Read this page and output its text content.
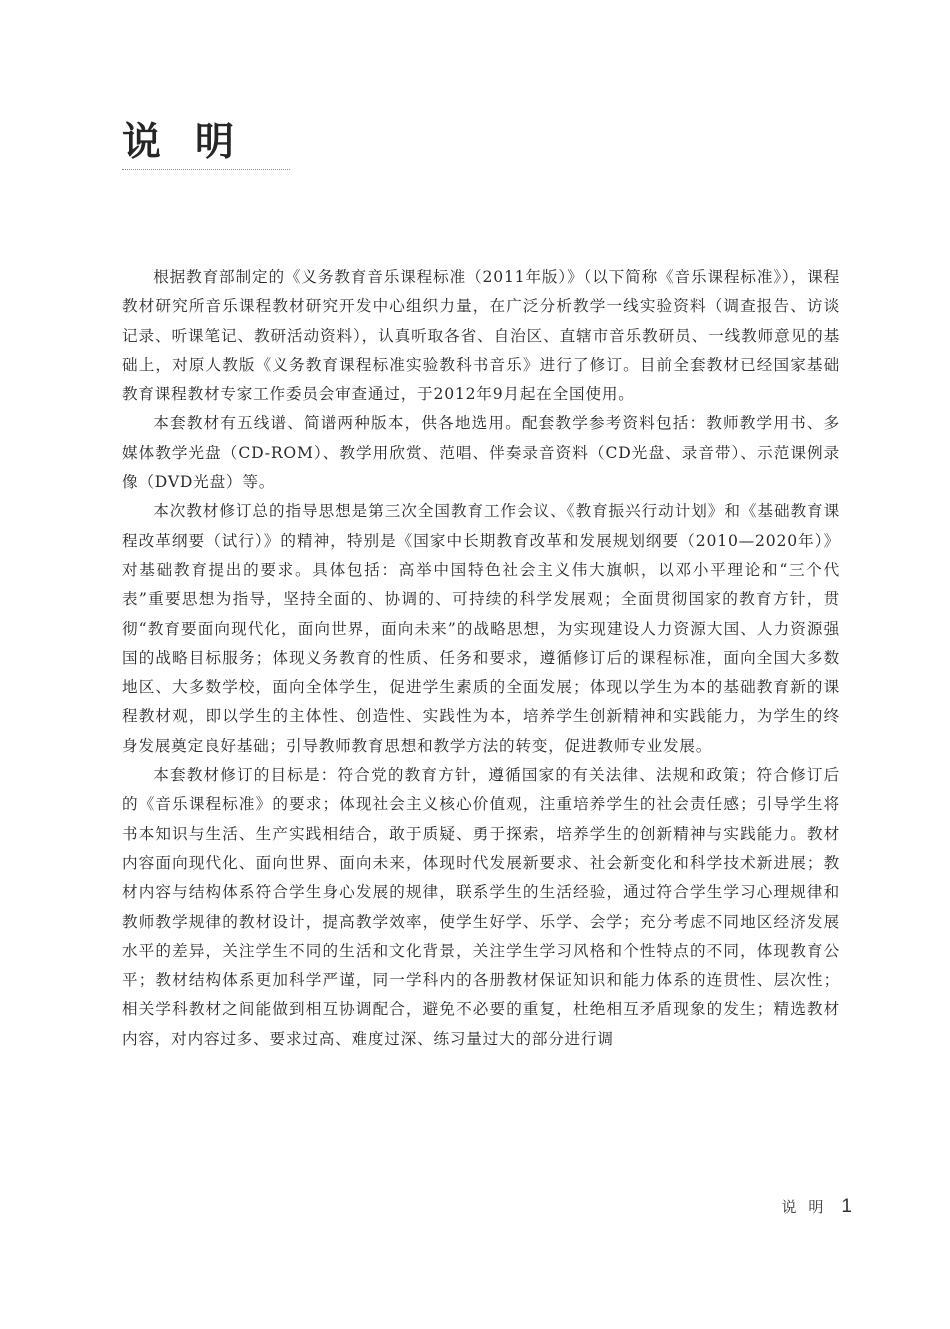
说明

根据教育部制定的《义务教育音乐课程标准（2011年版）》（以下简称《音乐课程标准》），课程教材研究所音乐课程教材研究开发中心组织力量，在广泛分析教学一线实验资料（调查报告、访谈记录、听课笔记、教研活动资料），认真听取各省、自治区、直辖市音乐教研员、一线教师意见的基础上，对原人教版《义务教育课程标准实验教科书音乐》进行了修订。目前全套教材已经国家基础教育课程教材专家工作委员会审查通过，于2012年9月起在全国使用。

本套教材有五线谱、简谱两种版本，供各地选用。配套教学参考资料包括：教师教学用书、多媒体教学光盘（CD-ROM）、教学用欣赏、范唱、伴奏录音资料（CD光盘、录音带）、示范课例录像（DVD光盘）等。

本次教材修订总的指导思想是第三次全国教育工作会议、《教育振兴行动计划》和《基础教育课程改革纲要（试行）》的精神，特别是《国家中长期教育改革和发展规划纲要（2010—2020年）》对基础教育提出的要求。具体包括：高举中国特色社会主义伟大旗帜，以邓小平理论和“三个代表”重要思想为指导，坚持全面的、协调的、可持续的科学发展观；全面贯彻国家的教育方针，贯彻“教育要面向现代化，面向世界，面向未来”的战略思想，为实现建设人力资源大国、人力资源强国的战略目标服务；体现义务教育的性质、任务和要求，遵循修订后的课程标准，面向全国大多数地区、大多数学校，面向全体学生，促进学生素质的全面发展；体现以学生为本的基础教育新的课程教材观，即以学生的主体性、创造性、实践性为本，培养学生创新精神和实践能力，为学生的终身发展奠定良好基础；引导教师教育思想和教学方法的转变，促进教师专业发展。

本套教材修订的目标是：符合党的教育方针，遵循国家的有关法律、法规和政策；符合修订后的《音乐课程标准》的要求；体现社会主义核心价值观，注重培养学生的社会责任感；引导学生将书本知识与生活、生产实践相结合，敢于质疑、勇于探索，培养学生的创新精神与实践能力。教材内容面向现代化、面向世界、面向未来，体现时代发展新要求、社会新变化和科学技术新进展；教材内容与结构体系符合学生身心发展的规律，联系学生的生活经验，通过符合学生学习心理规律和教师教学规律的教材设计，提高教学效率，使学生好学、乐学、会学；充分考虑不同地区经济发展水平的差异，关注学生不同的生活和文化背景，关注学生学习风格和个性特点的不同，体现教育公平；教材结构体系更加科学严谨，同一学科内的各册教材保证知识和能力体系的连贯性、层次性；相关学科教材之间能做到相互协调配合，避免不必要的重复，杜绝相互矛盾现象的发生；精选教材内容，对内容过多、要求过高、难度过深、练习量过大的部分进行调

说明 1
